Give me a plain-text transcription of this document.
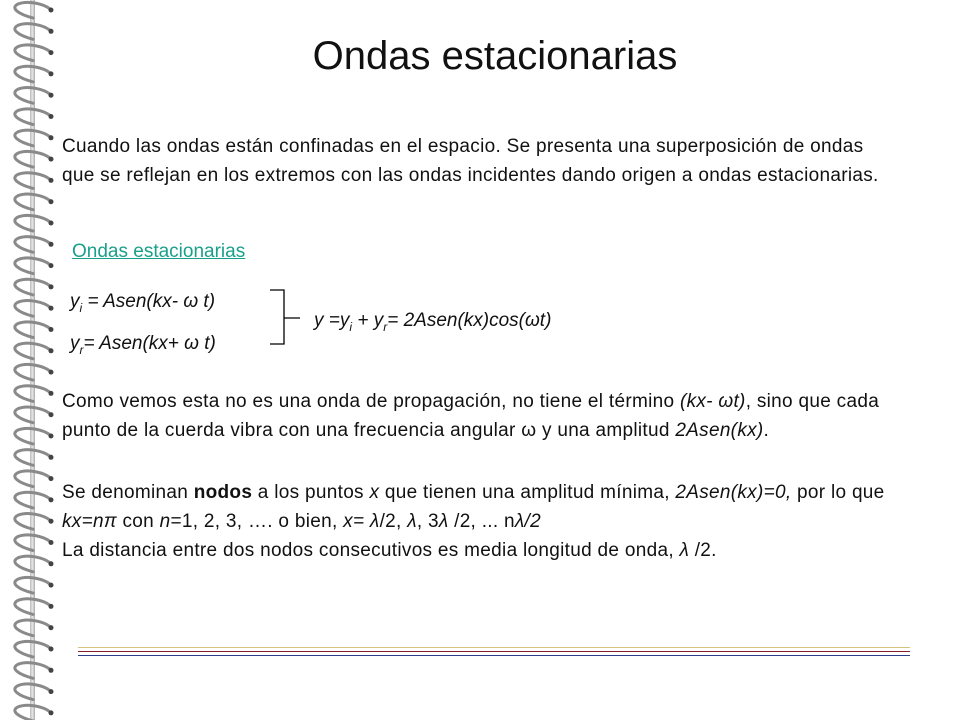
Ondas estacionarias
Cuando las ondas están confinadas en el espacio. Se presenta una superposición de ondas que se reflejan en los extremos con las ondas incidentes dando origen a ondas estacionarias.
Ondas estacionarias
$y_i$ = Asen(kx- ω t)
$y_r=$ Asen(kx+ ω t)
$y =y_i + y_r=$ 2Asen(kx)cos(ωt)
Como vemos esta no es una onda de propagación, no tiene el término (kx- ωt), sino que cada punto de la cuerda vibra con una frecuencia angular ω y una amplitud 2Asen(kx).
Se denominan nodos a los puntos x que tienen una amplitud mínima, 2Asen(kx)=0, por lo que kx=nπ con n=1, 2, 3, …. o bien, x= λ/2, λ, 3λ /2, ... nλ/2
La distancia entre dos nodos consecutivos es media longitud de onda, λ /2.
